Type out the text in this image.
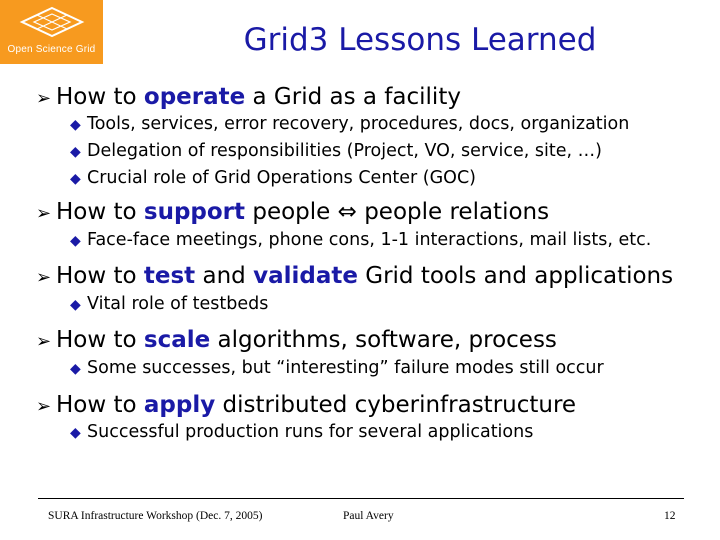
Open Science Grid	Grid3 Lessons Learned
➢ How to operate a Grid as a facility
◆ Tools, services, error recovery, procedures, docs, organization
◆ Delegation of responsibilities (Project, VO, service, site, …)
◆ Crucial role of Grid Operations Center (GOC)
➢ How to support people ⇔ people relations
◆ Face-face meetings, phone cons, 1-1 interactions, mail lists, etc.
➢ How to test and validate Grid tools and applications
◆ Vital role of testbeds
➢ How to scale algorithms, software, process
◆ Some successes, but “interesting” failure modes still occur
➢ How to apply distributed cyberinfrastructure
◆ Successful production runs for several applications
SURA Infrastructure Workshop (Dec. 7, 2005)	Paul Avery	12
